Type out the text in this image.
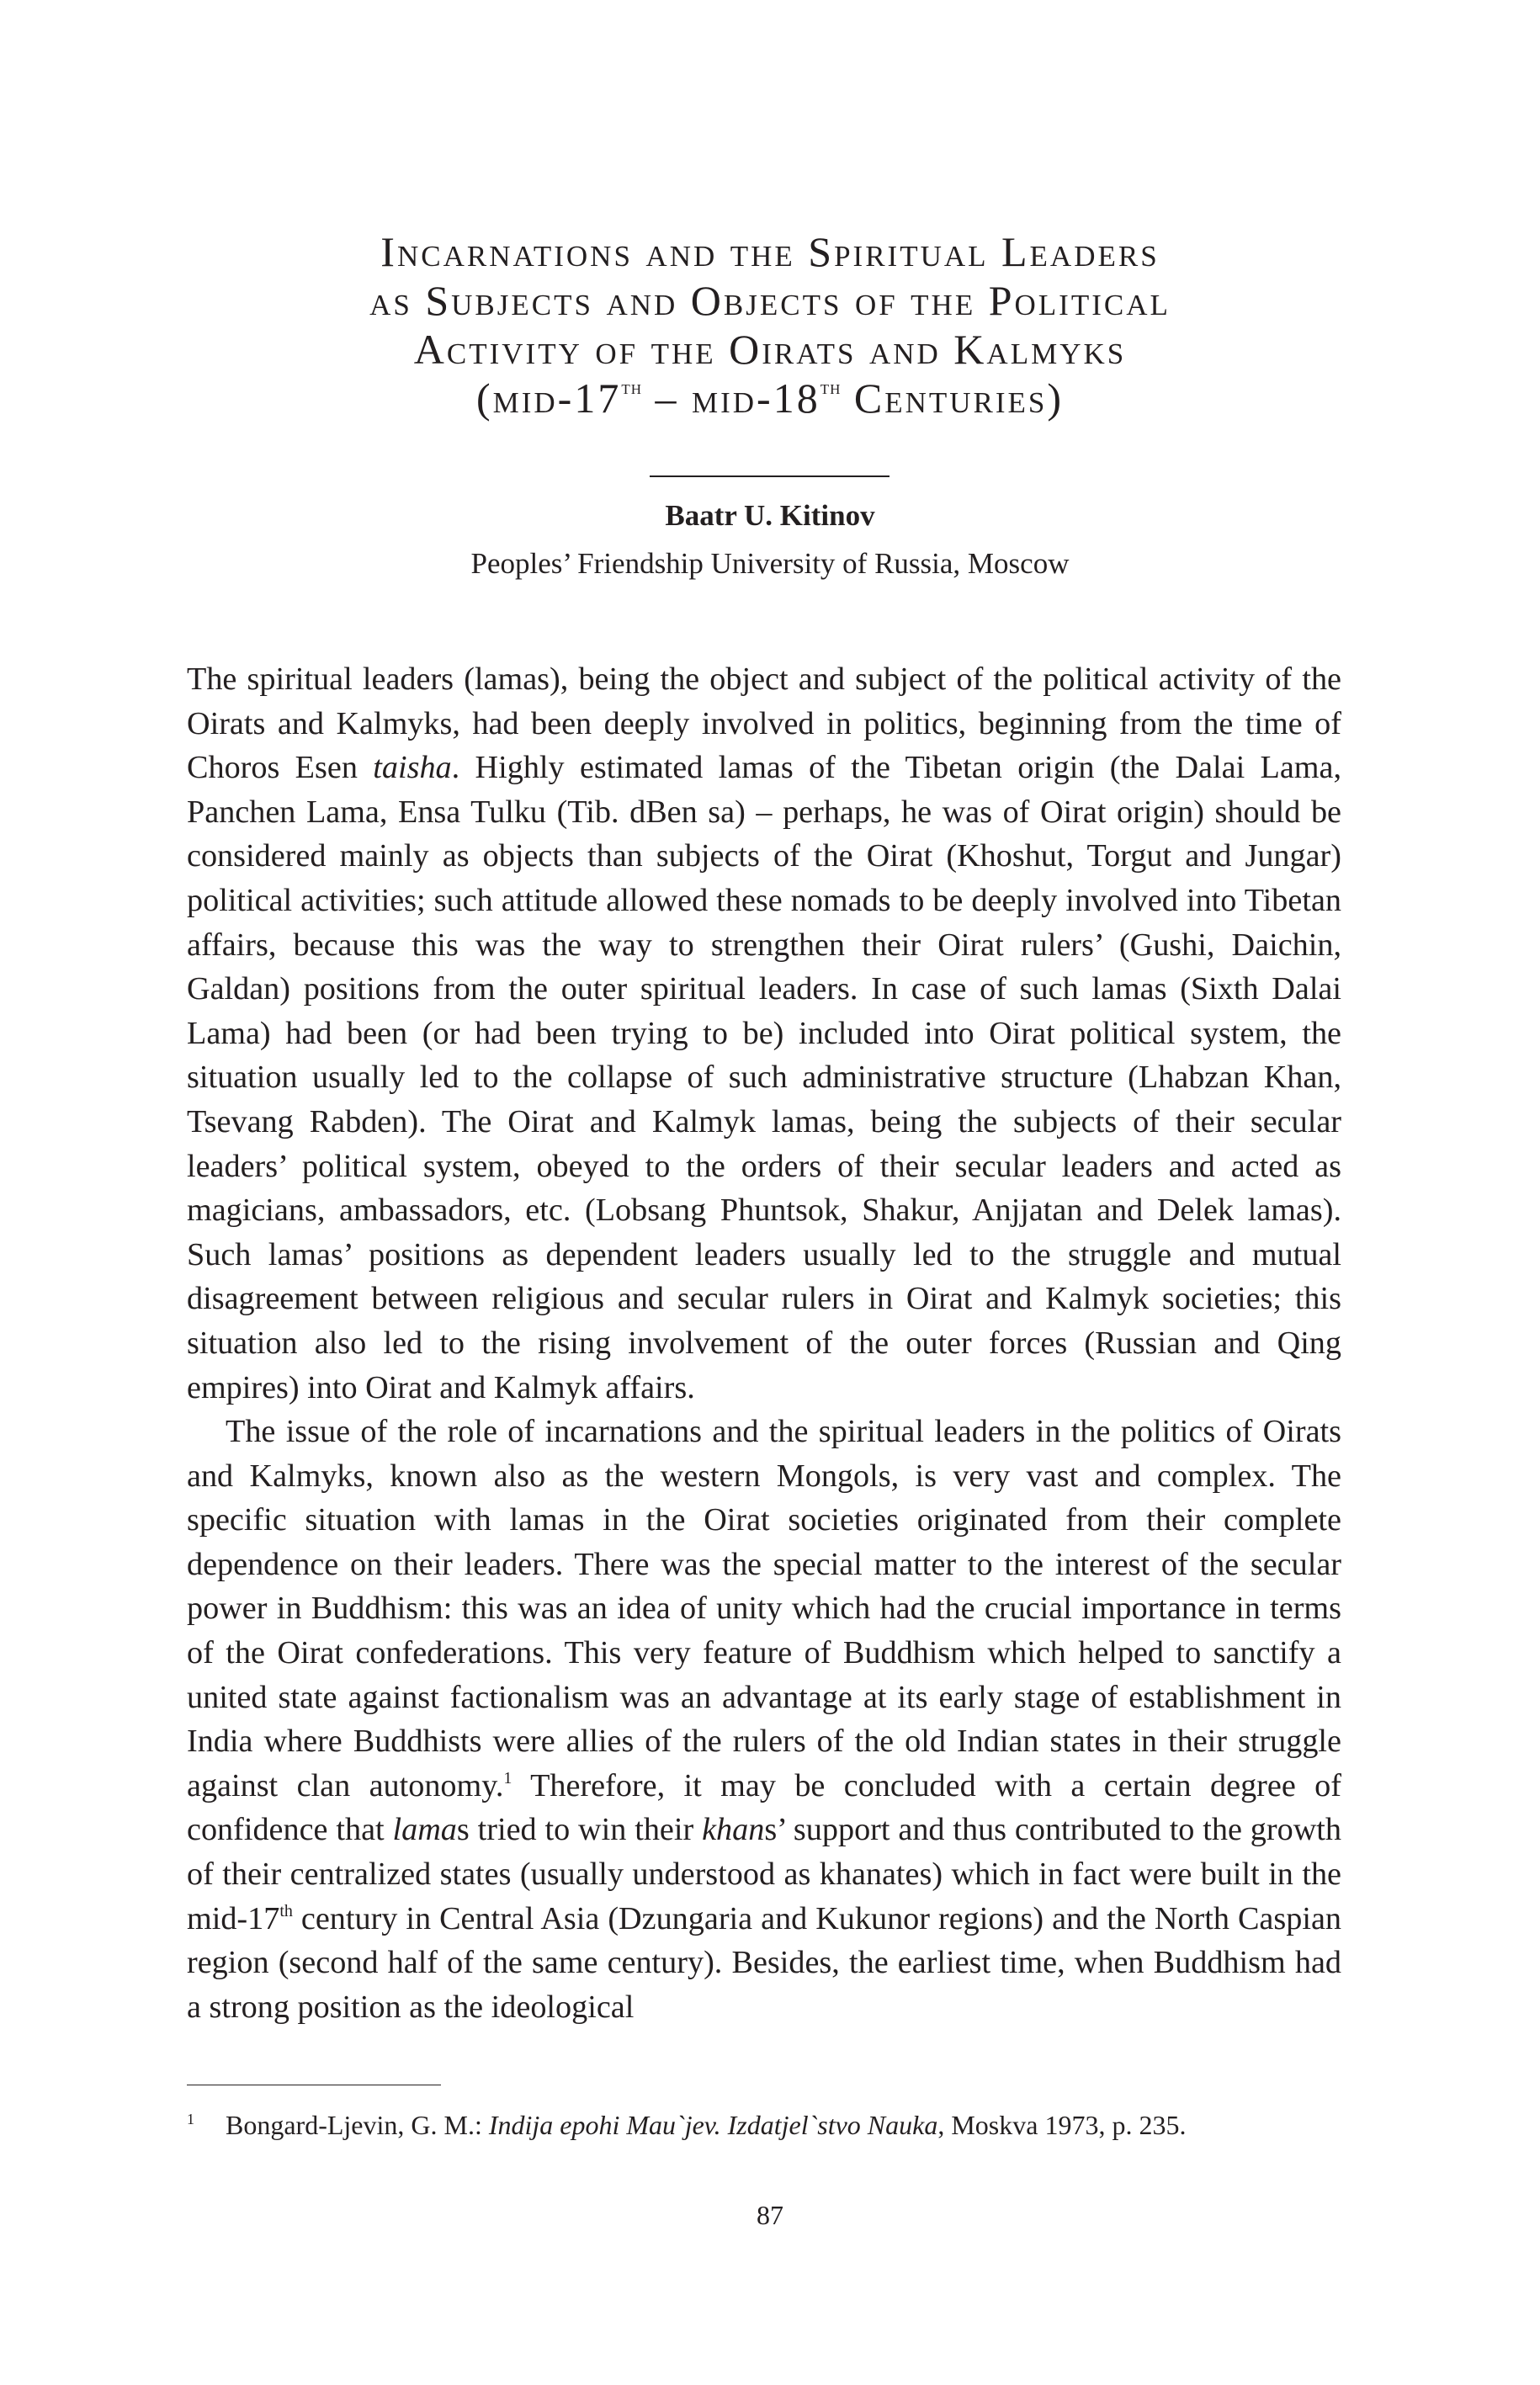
Incarnations and the Spiritual Leaders
as Subjects and Objects of the Political
Activity of the Oirats and Kalmyks
(mid-17th – mid-18th Centuries)
Baatr U. Kitinov
Peoples’ Friendship University of Russia, Moscow

The spiritual leaders (lamas), being the object and subject of the political activity of the Oirats and Kalmyks, had been deeply involved in politics, beginning from the time of Choros Esen taisha. Highly estimated lamas of the Tibetan origin (the Dalai Lama, Panchen Lama, Ensa Tulku (Tib. dBen sa) – perhaps, he was of Oirat origin) should be considered mainly as objects than subjects of the Oirat (Khoshut, Torgut and Jungar) political activities; such attitude allowed these nomads to be deeply involved into Tibetan affairs, because this was the way to strengthen their Oirat rulers’ (Gushi, Daichin, Galdan) positions from the outer spiritual leaders. In case of such lamas (Sixth Dalai Lama) had been (or had been trying to be) included into Oirat political system, the situation usually led to the collapse of such administrative structure (Lhabzan Khan, Tsevang Rabden). The Oirat and Kalmyk lamas, being the subjects of their secular leaders’ political system, obeyed to the orders of their secular leaders and acted as magicians, ambassadors, etc. (Lobsang Phuntsok, Shakur, Anjjatan and Delek lamas). Such lamas’ positions as dependent leaders usually led to the struggle and mutual disagreement between religious and secular rulers in Oirat and Kalmyk societies; this situation also led to the rising involvement of the outer forces (Russian and Qing empires) into Oirat and Kalmyk affairs.

The issue of the role of incarnations and the spiritual leaders in the politics of Oirats and Kalmyks, known also as the western Mongols, is very vast and complex. The specific situation with lamas in the Oirat societies originated from their complete dependence on their leaders. There was the special matter to the interest of the secular power in Buddhism: this was an idea of unity which had the crucial importance in terms of the Oirat confederations. This very feature of Buddhism which helped to sanctify a united state against factionalism was an advantage at its early stage of establishment in India where Buddhists were allies of the rulers of the old Indian states in their struggle against clan autonomy.$^1$ Therefore, it may be concluded with a certain degree of confidence that lamas tried to win their khans’ support and thus contributed to the growth of their centralized states (usually understood as khanates) which in fact were built in the mid-17th century in Central Asia (Dzungaria and Kukunor regions) and the North Caspian region (second half of the same century). Besides, the earliest time, when Buddhism had a strong position as the ideological

1 Bongard-Ljevin, G. M.: Indija epohi Mau`jev. Izdatjel`stvo Nauka, Moskva 1973, p. 235.
87
